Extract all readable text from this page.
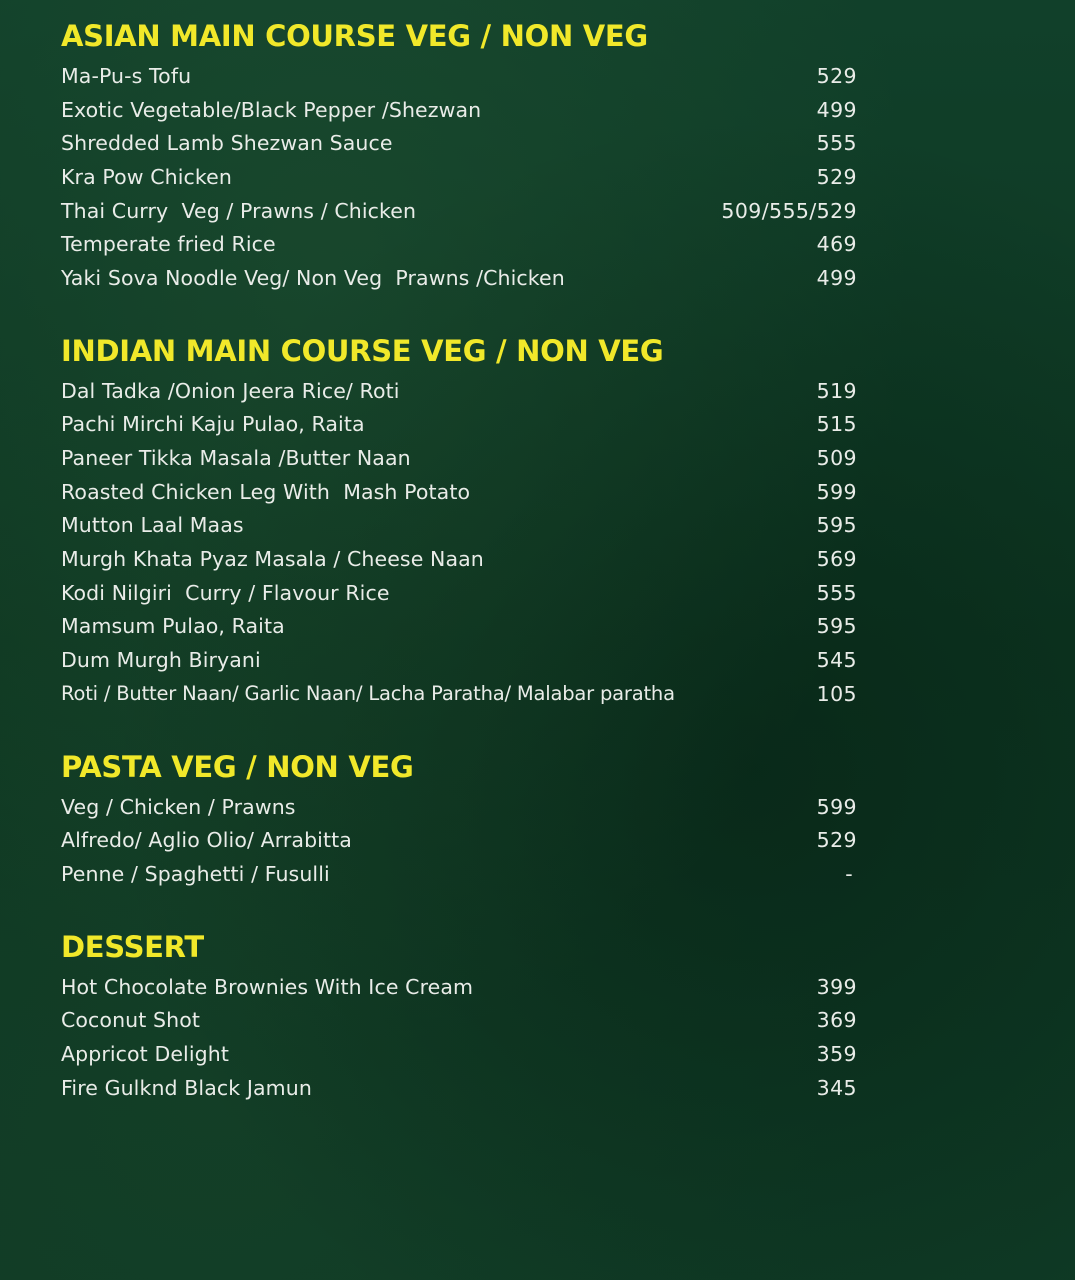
ASIAN MAIN COURSE VEG / NON VEG
Ma-Pu-s Tofu	529
Exotic Vegetable/Black Pepper /Shezwan	499
Shredded Lamb Shezwan Sauce	555
Kra Pow Chicken	529
Thai Curry  Veg / Prawns / Chicken	509/555/529
Temperate fried Rice	469
Yaki Sova Noodle Veg/ Non Veg  Prawns /Chicken	499
INDIAN MAIN COURSE VEG / NON VEG
Dal Tadka /Onion Jeera Rice/ Roti	519
Pachi Mirchi Kaju Pulao, Raita	515
Paneer Tikka Masala /Butter Naan	509
Roasted Chicken Leg With  Mash Potato	599
Mutton Laal Maas	595
Murgh Khata Pyaz Masala / Cheese Naan	569
Kodi Nilgiri  Curry / Flavour Rice	555
Mamsum Pulao, Raita	595
Dum Murgh Biryani	545
Roti / Butter Naan/ Garlic Naan/ Lacha Paratha/ Malabar paratha	105
PASTA VEG / NON VEG
Veg / Chicken / Prawns	599
Alfredo/ Aglio Olio/ Arrabitta	529
Penne / Spaghetti / Fusulli	-
DESSERT
Hot Chocolate Brownies With Ice Cream	399
Coconut Shot	369
Appricot Delight	359
Fire Gulknd Black Jamun	345
